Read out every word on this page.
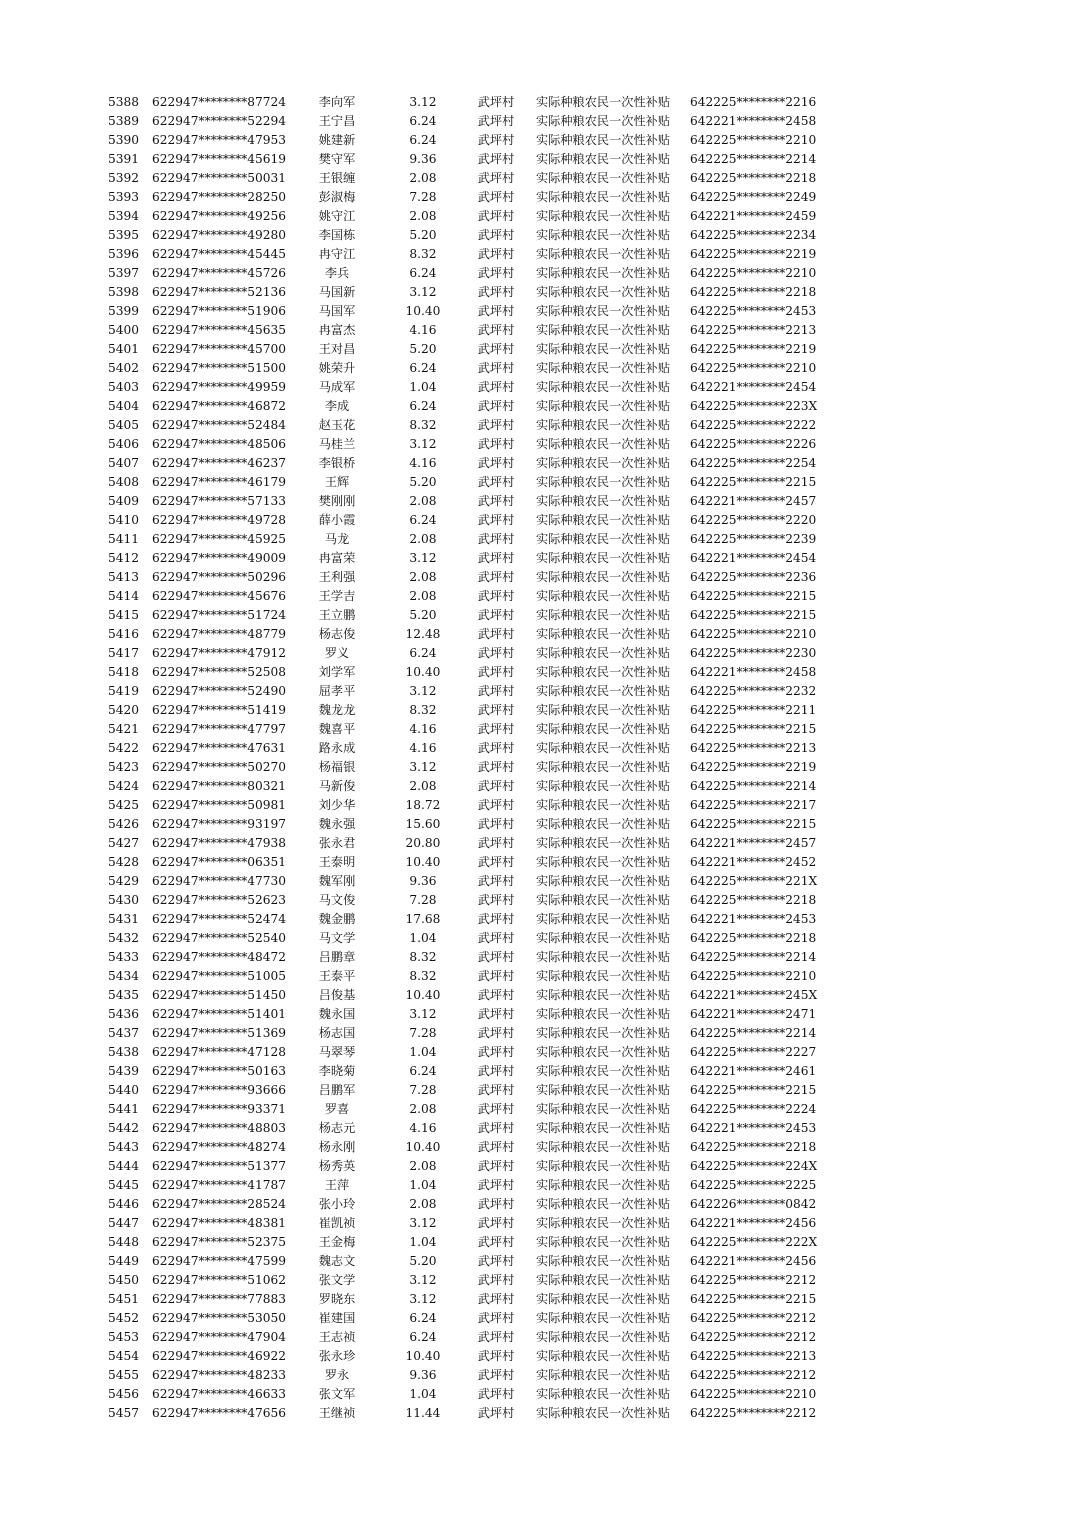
5388	622947********87724	李向军	3.12	武坪村	实际种粮农民一次性补贴	642225********2216
5389	622947********52294	王宁昌	6.24	武坪村	实际种粮农民一次性补贴	642221********2458
5390	622947********47953	姚建新	6.24	武坪村	实际种粮农民一次性补贴	642225********2210
5391	622947********45619	樊守军	9.36	武坪村	实际种粮农民一次性补贴	642225********2214
5392	622947********50031	王银缠	2.08	武坪村	实际种粮农民一次性补贴	642225********2218
5393	622947********28250	彭淑梅	7.28	武坪村	实际种粮农民一次性补贴	642225********2249
5394	622947********49256	姚守江	2.08	武坪村	实际种粮农民一次性补贴	642221********2459
5395	622947********49280	李国栋	5.20	武坪村	实际种粮农民一次性补贴	642225********2234
5396	622947********45445	冉守江	8.32	武坪村	实际种粮农民一次性补贴	642225********2219
5397	622947********45726	李兵	6.24	武坪村	实际种粮农民一次性补贴	642225********2210
5398	622947********52136	马国新	3.12	武坪村	实际种粮农民一次性补贴	642225********2218
5399	622947********51906	马国军	10.40	武坪村	实际种粮农民一次性补贴	642225********2453
5400	622947********45635	冉富杰	4.16	武坪村	实际种粮农民一次性补贴	642225********2213
5401	622947********45700	王对昌	5.20	武坪村	实际种粮农民一次性补贴	642225********2219
5402	622947********51500	姚荣升	6.24	武坪村	实际种粮农民一次性补贴	642225********2210
5403	622947********49959	马成军	1.04	武坪村	实际种粮农民一次性补贴	642221********2454
5404	622947********46872	李成	6.24	武坪村	实际种粮农民一次性补贴	642225********223X
5405	622947********52484	赵玉花	8.32	武坪村	实际种粮农民一次性补贴	642225********2222
5406	622947********48506	马桂兰	3.12	武坪村	实际种粮农民一次性补贴	642225********2226
5407	622947********46237	李银桥	4.16	武坪村	实际种粮农民一次性补贴	642225********2254
5408	622947********46179	王辉	5.20	武坪村	实际种粮农民一次性补贴	642225********2215
5409	622947********57133	樊刚刚	2.08	武坪村	实际种粮农民一次性补贴	642221********2457
5410	622947********49728	薛小霞	6.24	武坪村	实际种粮农民一次性补贴	642225********2220
5411	622947********45925	马龙	2.08	武坪村	实际种粮农民一次性补贴	642225********2239
5412	622947********49009	冉富荣	3.12	武坪村	实际种粮农民一次性补贴	642221********2454
5413	622947********50296	王利强	2.08	武坪村	实际种粮农民一次性补贴	642225********2236
5414	622947********45676	王学吉	2.08	武坪村	实际种粮农民一次性补贴	642225********2215
5415	622947********51724	王立鹏	5.20	武坪村	实际种粮农民一次性补贴	642225********2215
5416	622947********48779	杨志俊	12.48	武坪村	实际种粮农民一次性补贴	642225********2210
5417	622947********47912	罗义	6.24	武坪村	实际种粮农民一次性补贴	642225********2230
5418	622947********52508	刘学军	10.40	武坪村	实际种粮农民一次性补贴	642221********2458
5419	622947********52490	屈孝平	3.12	武坪村	实际种粮农民一次性补贴	642225********2232
5420	622947********51419	魏龙龙	8.32	武坪村	实际种粮农民一次性补贴	642225********2211
5421	622947********47797	魏喜平	4.16	武坪村	实际种粮农民一次性补贴	642225********2215
5422	622947********47631	路永成	4.16	武坪村	实际种粮农民一次性补贴	642225********2213
5423	622947********50270	杨福银	3.12	武坪村	实际种粮农民一次性补贴	642225********2219
5424	622947********80321	马新俊	2.08	武坪村	实际种粮农民一次性补贴	642225********2214
5425	622947********50981	刘少华	18.72	武坪村	实际种粮农民一次性补贴	642225********2217
5426	622947********93197	魏永强	15.60	武坪村	实际种粮农民一次性补贴	642225********2215
5427	622947********47938	张永君	20.80	武坪村	实际种粮农民一次性补贴	642221********2457
5428	622947********06351	王泰明	10.40	武坪村	实际种粮农民一次性补贴	642221********2452
5429	622947********47730	魏军刚	9.36	武坪村	实际种粮农民一次性补贴	642225********221X
5430	622947********52623	马文俊	7.28	武坪村	实际种粮农民一次性补贴	642225********2218
5431	622947********52474	魏金鹏	17.68	武坪村	实际种粮农民一次性补贴	642221********2453
5432	622947********52540	马文学	1.04	武坪村	实际种粮农民一次性补贴	642225********2218
5433	622947********48472	吕鹏章	8.32	武坪村	实际种粮农民一次性补贴	642225********2214
5434	622947********51005	王泰平	8.32	武坪村	实际种粮农民一次性补贴	642225********2210
5435	622947********51450	吕俊基	10.40	武坪村	实际种粮农民一次性补贴	642221********245X
5436	622947********51401	魏永国	3.12	武坪村	实际种粮农民一次性补贴	642221********2471
5437	622947********51369	杨志国	7.28	武坪村	实际种粮农民一次性补贴	642225********2214
5438	622947********47128	马翠琴	1.04	武坪村	实际种粮农民一次性补贴	642225********2227
5439	622947********50163	李晓菊	6.24	武坪村	实际种粮农民一次性补贴	642221********2461
5440	622947********93666	吕鹏军	7.28	武坪村	实际种粮农民一次性补贴	642225********2215
5441	622947********93371	罗喜	2.08	武坪村	实际种粮农民一次性补贴	642225********2224
5442	622947********48803	杨志元	4.16	武坪村	实际种粮农民一次性补贴	642221********2453
5443	622947********48274	杨永刚	10.40	武坪村	实际种粮农民一次性补贴	642225********2218
5444	622947********51377	杨秀英	2.08	武坪村	实际种粮农民一次性补贴	642225********224X
5445	622947********41787	王萍	1.04	武坪村	实际种粮农民一次性补贴	642225********2225
5446	622947********28524	张小玲	2.08	武坪村	实际种粮农民一次性补贴	642226********0842
5447	622947********48381	崔凯祯	3.12	武坪村	实际种粮农民一次性补贴	642221********2456
5448	622947********52375	王金梅	1.04	武坪村	实际种粮农民一次性补贴	642225********222X
5449	622947********47599	魏志文	5.20	武坪村	实际种粮农民一次性补贴	642221********2456
5450	622947********51062	张文学	3.12	武坪村	实际种粮农民一次性补贴	642225********2212
5451	622947********77883	罗晓东	3.12	武坪村	实际种粮农民一次性补贴	642225********2215
5452	622947********53050	崔建国	6.24	武坪村	实际种粮农民一次性补贴	642225********2212
5453	622947********47904	王志祯	6.24	武坪村	实际种粮农民一次性补贴	642225********2212
5454	622947********46922	张永珍	10.40	武坪村	实际种粮农民一次性补贴	642225********2213
5455	622947********48233	罗永	9.36	武坪村	实际种粮农民一次性补贴	642225********2212
5456	622947********46633	张文军	1.04	武坪村	实际种粮农民一次性补贴	642225********2210
5457	622947********47656	王继祯	11.44	武坪村	实际种粮农民一次性补贴	642225********2212
